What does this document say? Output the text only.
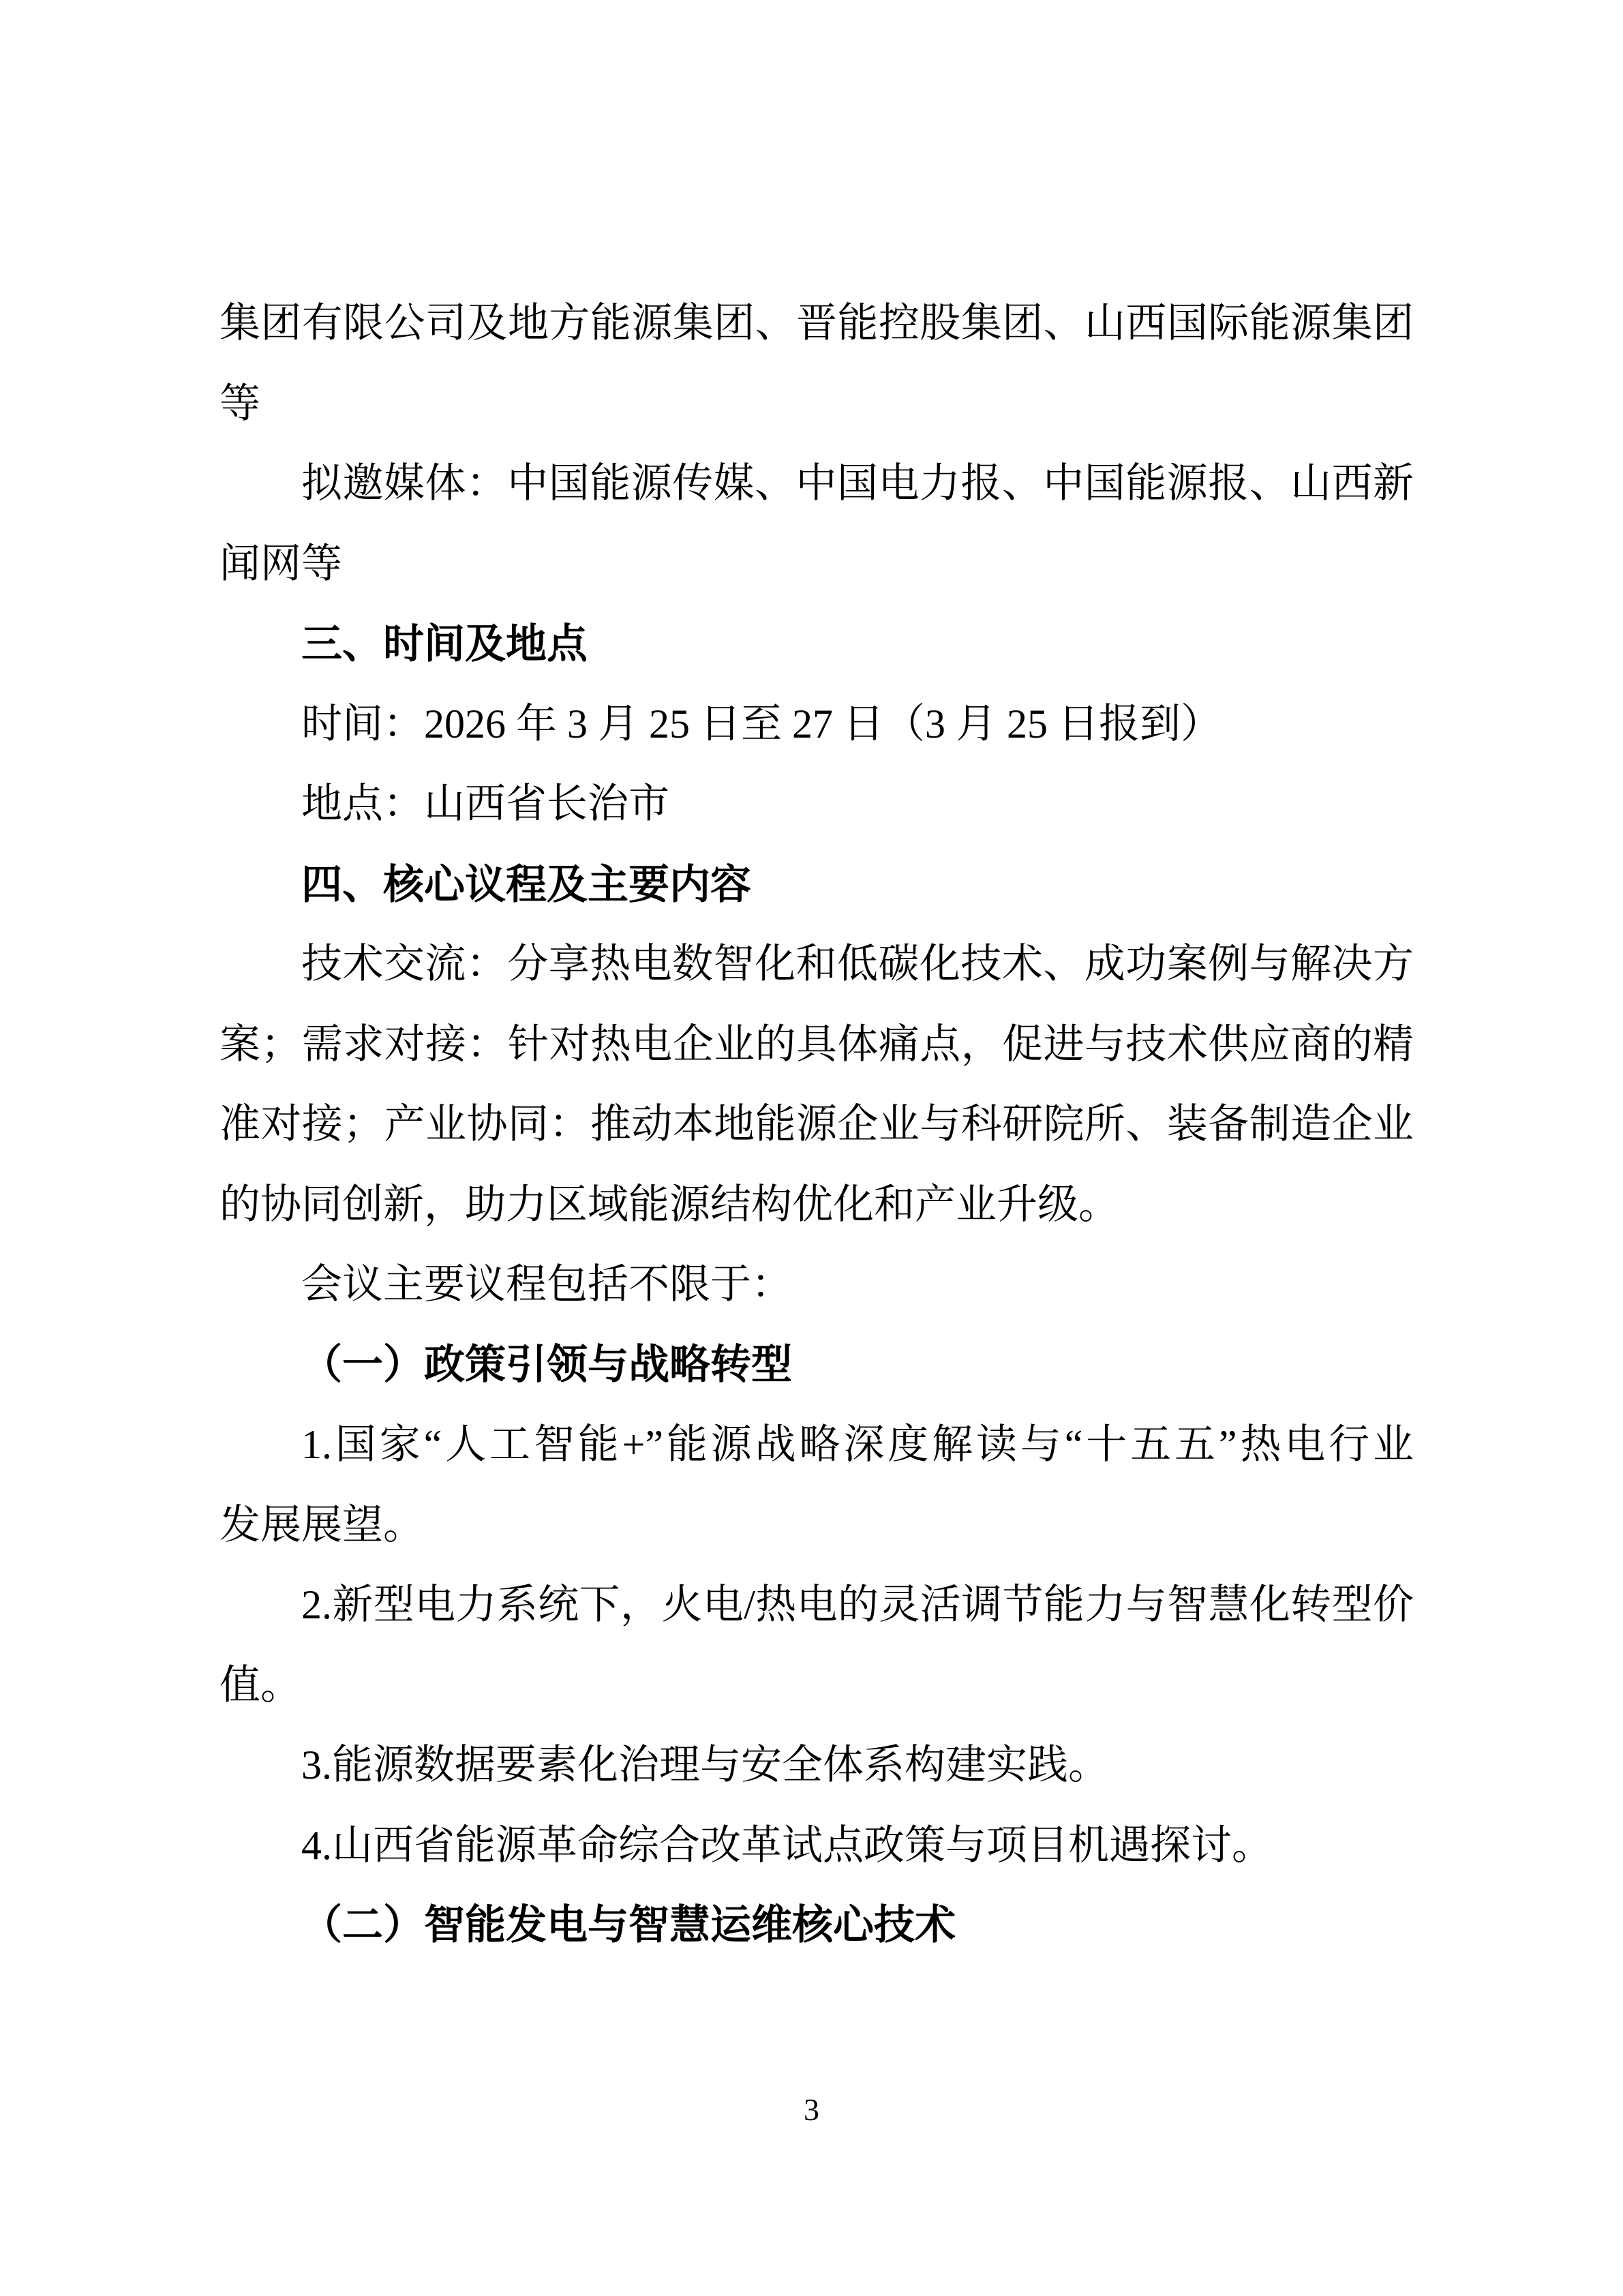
集团有限公司及地方能源集团、晋能控股集团、山西国际能源集团
等
拟邀媒体：中国能源传媒、中国电力报、中国能源报、山西新
闻网等
三、时间及地点
时间：2026 年 3 月 25 日至 27 日（3 月 25 日报到）
地点：山西省长治市
四、核心议程及主要内容
技术交流：分享热电数智化和低碳化技术、成功案例与解决方
案；需求对接：针对热电企业的具体痛点，促进与技术供应商的精
准对接；产业协同：推动本地能源企业与科研院所、装备制造企业
的协同创新，助力区域能源结构优化和产业升级。
会议主要议程包括不限于：
（一）政策引领与战略转型
1.国家“人工智能+”能源战略深度解读与“十五五”热电行业
发展展望。
2.新型电力系统下，火电/热电的灵活调节能力与智慧化转型价
值。
3.能源数据要素化治理与安全体系构建实践。
4.山西省能源革命综合改革试点政策与项目机遇探讨。
（二）智能发电与智慧运维核心技术
3
